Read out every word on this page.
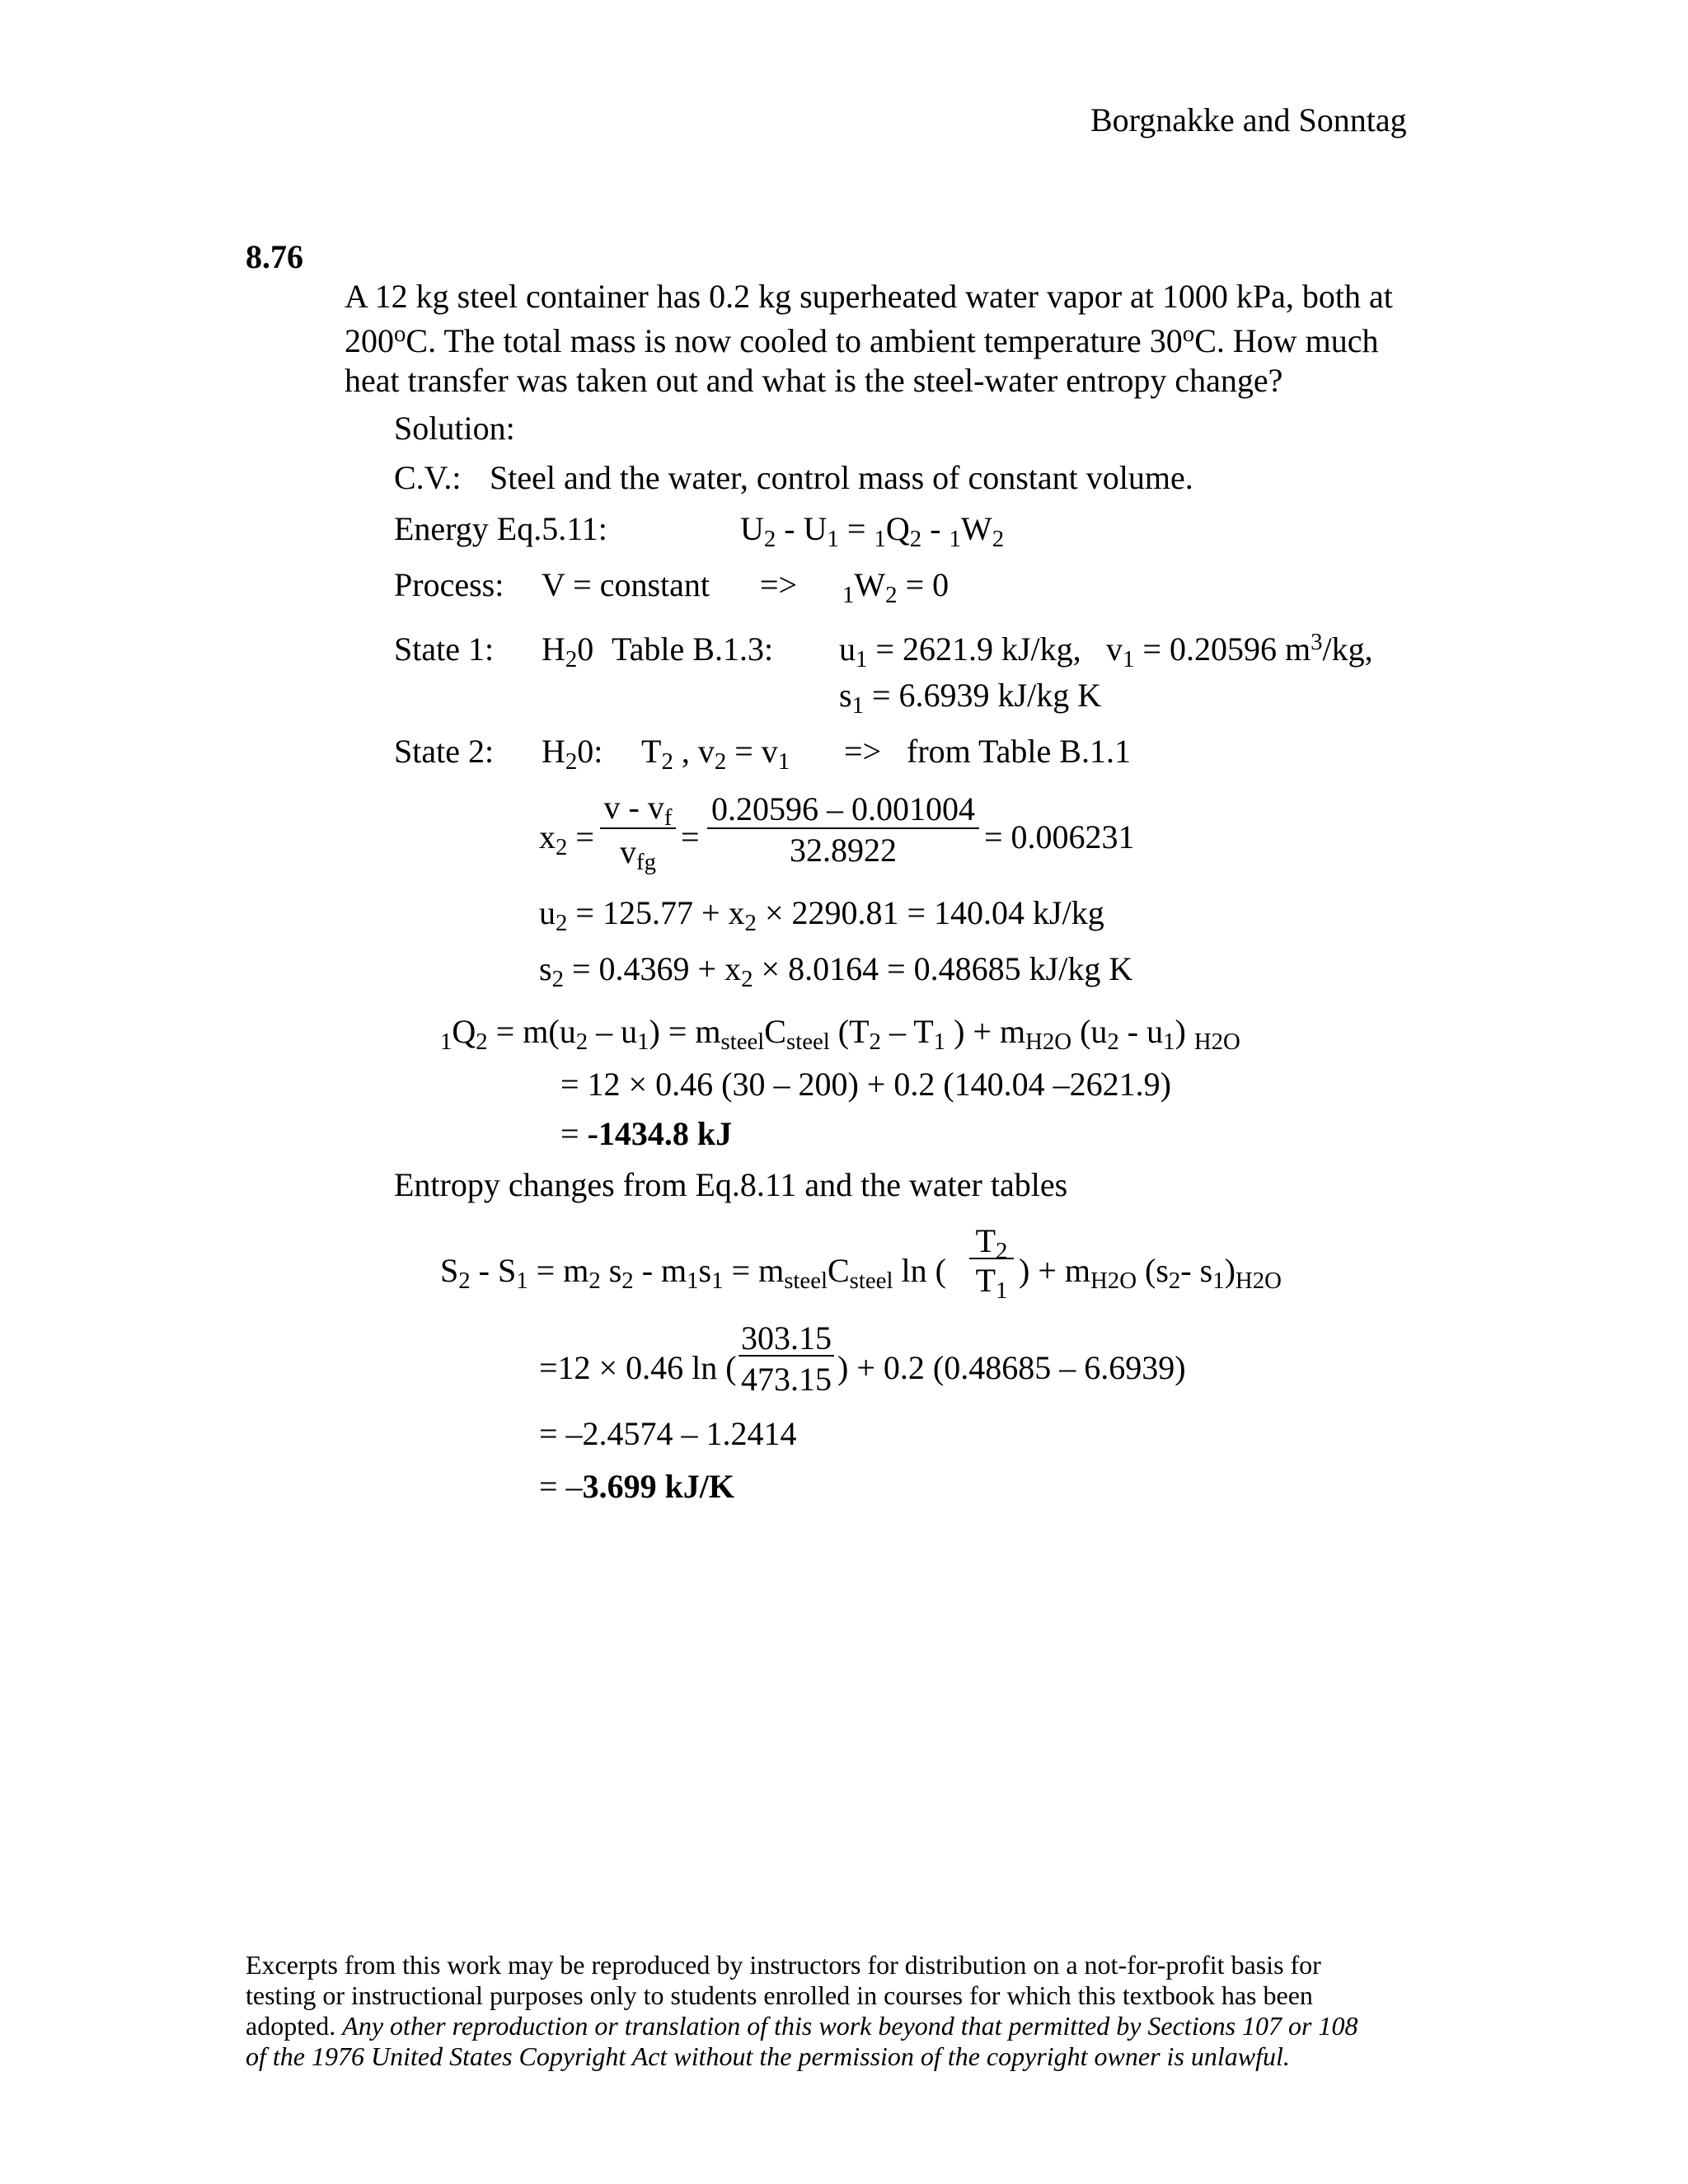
Borgnakke and Sonntag
8.76
A 12 kg steel container has 0.2 kg superheated water vapor at 1000 kPa, both at
200$^o$C. The total mass is now cooled to ambient temperature 30$^o$C. How much
heat transfer was taken out and what is the steel-water entropy change?
Solution:
C.V.: Steel and the water, control mass of constant volume.
Energy Eq.5.11:	$U_2 - U_1 = _1Q_2 - _1W_2$
Process: V = constant => $_1W_2 = 0$
State 1: $H_20$ Table B.1.3: $u_1 = 2621.9$ kJ/kg, $v_1 = 0.20596$ $m^3/kg$,
$s_1 = 6.6939$ kJ/kg K
State 2: $H_20$: $T_2$ , $v_2 = v_1$ => from Table B.1.1
$x_2$ =
v - $v_f$
$v_{fg}$
=
0.20596 – 0.001004
32.8922	= 0.006231
$u_2 = 125.77 + x_2 \times 2290.81 = 140.04$ kJ/kg
$s_2 = 0.4369 + x_2 \times 8.0164 = 0.48685$ kJ/kg K
$_1Q_2 = m(u_2 - u_1) = m_{steel}C_{steel}$ ($T_2 - T_1$ ) + $m_{H2O}$ $(u_2 - u_1)$ $_{H2O}$
= 12 × 0.46 (30 – 200) + 0.2 (140.04 –2621.9)
= -1434.8 kJ
Entropy changes from Eq.8.11 and the water tables
$S_2 - S_1 = m_2$ $s_2 - m_1s_1 = m_{steel}C_{steel}$ ln (
$T_2$
$T_1$
) + $m_{H2O}$ ($s_2-$ $s_1)_{H2O}$
=12 × 0.46 ln (
303.15
473.15 ) + 0.2 (0.48685 – 6.6939)
= –2.4574 – 1.2414
= –3.699 kJ/K
Excerpts from this work may be reproduced by instructors for distribution on a not-for-profit basis for
testing or instructional purposes only to students enrolled in courses for which this textbook has been
adopted. Any other reproduction or translation of this work beyond that permitted by Sections 107 or 108
of the 1976 United States Copyright Act without the permission of the copyright owner is unlawful.
